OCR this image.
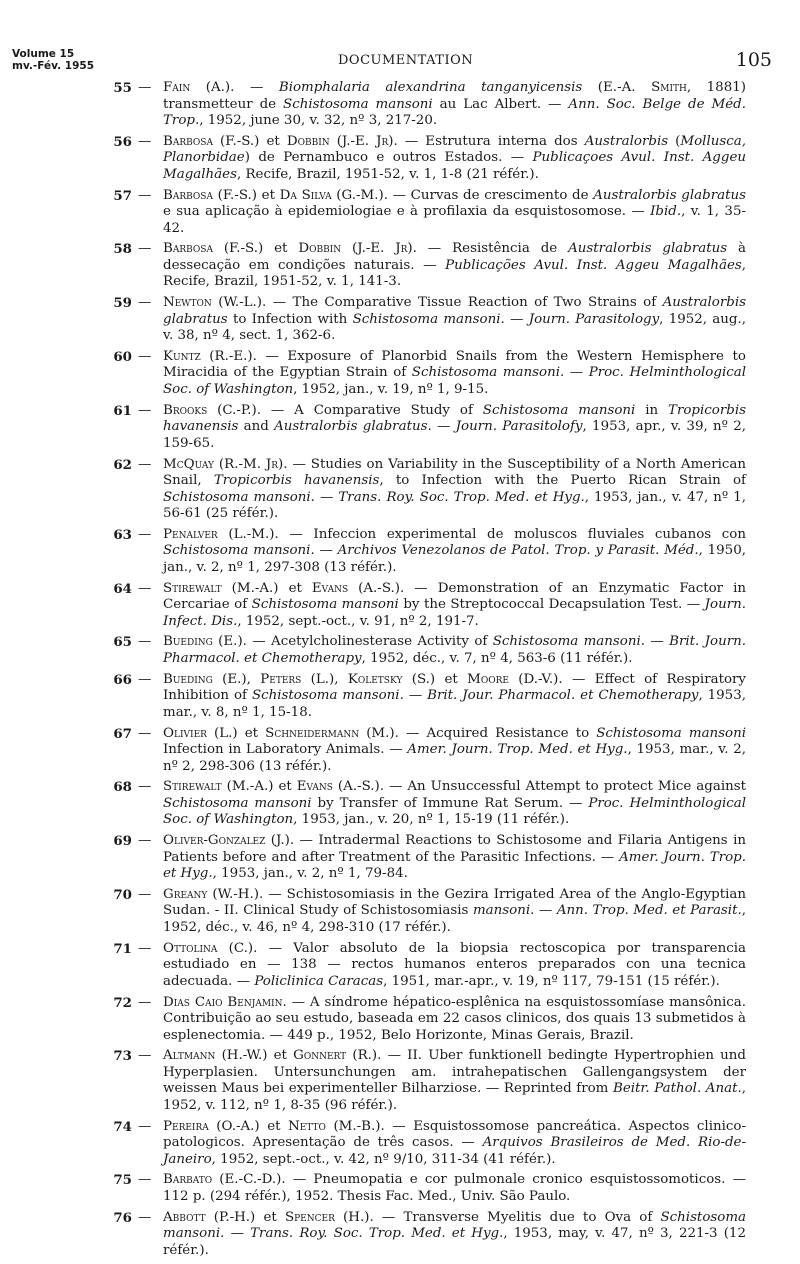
Volume 15
mv.-Fév. 1955	DOCUMENTATION	105
55 — Fain (A.). — Biomphalaria alexandrina tanganyicensis (E.-A. Smith, 1881) transmetteur de Schistosoma mansoni au Lac Albert. — Ann. Soc. Belge de Méd. Trop., 1952, june 30, v. 32, nº 3, 217-20.
56 — Barbosa (F.-S.) et Dobbin (J.-E. Jr). — Estrutura interna dos Australorbis (Mollusca, Planorbidae) de Pernambuco e outros Estados. — Publicaçoes Avul. Inst. Aggeu Magalhães, Recife, Brazil, 1951-52, v. 1, 1-8 (21 référ.).
57 — Barbosa (F.-S.) et Da Silva (G.-M.). — Curvas de crescimento de Australorbis glabratus e sua aplicação à epidemiologiae e à profilaxia da esquistosomose. — Ibid., v. 1, 35-42.
58 — Barbosa (F.-S.) et Dobbin (J.-E. Jr). — Resistência de Australorbis glabratus à dessecação em condições naturais. — Publicações Avul. Inst. Aggeu Magalhães, Recife, Brazil, 1951-52, v. 1, 141-3.
59 — Newton (W.-L.). — The Comparative Tissue Reaction of Two Strains of Australorbis glabratus to Infection with Schistosoma mansoni. — Journ. Parasitology, 1952, aug., v. 38, nº 4, sect. 1, 362-6.
60 — Kuntz (R.-E.). — Exposure of Planorbid Snails from the Western Hemisphere to Miracidia of the Egyptian Strain of Schistosoma mansoni. — Proc. Helminthological Soc. of Washington, 1952, jan., v. 19, nº 1, 9-15.
61 — Brooks (C.-P.). — A Comparative Study of Schistosoma mansoni in Tropicorbis havanensis and Australorbis glabratus. — Journ. Parasitolofy, 1953, apr., v. 39, nº 2, 159-65.
62 — McQuay (R.-M. Jr). — Studies on Variability in the Susceptibility of a North American Snail, Tropicorbis havanensis, to Infection with the Puerto Rican Strain of Schistosoma mansoni. — Trans. Roy. Soc. Trop. Med. et Hyg., 1953, jan., v. 47, nº 1, 56-61 (25 référ.).
63 — Penalver (L.-M.). — Infeccion experimental de moluscos fluviales cubanos con Schistosoma mansoni. — Archivos Venezolanos de Patol. Trop. y Parasit. Méd., 1950, jan., v. 2, nº 1, 297-308 (13 référ.).
64 — Stirewalt (M.-A.) et Evans (A.-S.). — Demonstration of an Enzymatic Factor in Cercariae of Schistosoma mansoni by the Streptococcal Decapsulation Test. — Journ. Infect. Dis., 1952, sept.-oct., v. 91, nº 2, 191-7.
65 — Bueding (E.). — Acetylcholinesterase Activity of Schistosoma mansoni. — Brit. Journ. Pharmacol. et Chemotherapy, 1952, déc., v. 7, nº 4, 563-6 (11 référ.).
66 — Bueding (E.), Peters (L.), Koletsky (S.) et Moore (D.-V.). — Effect of Respiratory Inhibition of Schistosoma mansoni. — Brit. Jour. Pharmacol. et Chemotherapy, 1953, mar., v. 8, nº 1, 15-18.
67 — Olivier (L.) et Schneidermann (M.). — Acquired Resistance to Schistosoma mansoni Infection in Laboratory Animals. — Amer. Journ. Trop. Med. et Hyg., 1953, mar., v. 2, nº 2, 298-306 (13 référ.).
68 — Stirewalt (M.-A.) et Evans (A.-S.). — An Unsuccessful Attempt to protect Mice against Schistosoma mansoni by Transfer of Immune Rat Serum. — Proc. Helminthological Soc. of Washington, 1953, jan., v. 20, nº 1, 15-19 (11 référ.).
69 — Oliver-Gonzalez (J.). — Intradermal Reactions to Schistosome and Filaria Antigens in Patients before and after Treatment of the Parasitic Infections. — Amer. Journ. Trop. et Hyg., 1953, jan., v. 2, nº 1, 79-84.
70 — Greany (W.-H.). — Schistosomiasis in the Gezira Irrigated Area of the Anglo-Egyptian Sudan. - II. Clinical Study of Schistosomiasis mansoni. — Ann. Trop. Med. et Parasit., 1952, déc., v. 46, nº 4, 298-310 (17 référ.).
71 — Ottolina (C.). — Valor absoluto de la biopsia rectoscopica por transparencia estudiado en — 138 — rectos humanos enteros preparados con una tecnica adecuada. — Policlinica Caracas, 1951, mar.-apr., v. 19, nº 117, 79-151 (15 référ.).
72 — Dias Caio Benjamin. — A síndrome hépatico-esplênica na esquistossomíase mansônica. Contribuição ao seu estudo, baseada em 22 casos clinicos, dos quais 13 submetidos à esplenectomia. — 449 p., 1952, Belo Horizonte, Minas Gerais, Brazil.
73 — Altmann (H.-W.) et Gonnert (R.). — II. Uber funktionell bedingte Hypertrophien und Hyperplasien. Untersunchungen am. intrahepatischen Gallengangsystem der weissen Maus bei experimenteller Bilharziose. — Reprinted from Beitr. Pathol. Anat., 1952, v. 112, nº 1, 8-35 (96 référ.).
74 — Pereira (O.-A.) et Netto (M.-B.). — Esquistossomose pancreática. Aspectos clinico-patologicos. Apresentação de três casos. — Arquivos Brasileiros de Med. Rio-de-Janeiro, 1952, sept.-oct., v. 42, nº 9/10, 311-34 (41 référ.).
75 — Barbato (E.-C.-D.). — Pneumopatia e cor pulmonale cronico esquistossomoticos. — 112 p. (294 référ.), 1952. Thesis Fac. Med., Univ. São Paulo.
76 — Abbott (P.-H.) et Spencer (H.). — Transverse Myelitis due to Ova of Schistosoma mansoni. — Trans. Roy. Soc. Trop. Med. et Hyg., 1953, may, v. 47, nº 3, 221-3 (12 référ.).
